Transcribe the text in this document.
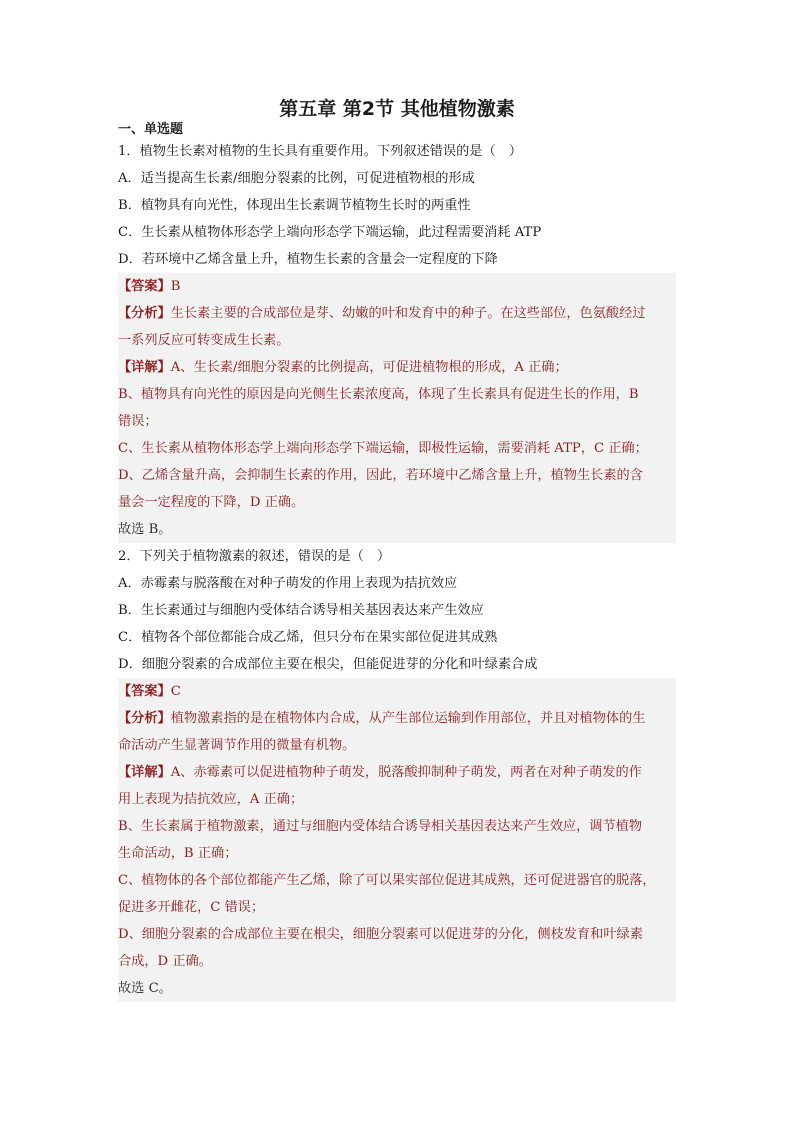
第五章 第2节 其他植物激素
一、单选题
1．植物生长素对植物的生长具有重要作用。下列叙述错误的是（　）
A．适当提高生长素/细胞分裂素的比例，可促进植物根的形成
B．植物具有向光性，体现出生长素调节植物生长时的两重性
C．生长素从植物体形态学上端向形态学下端运输，此过程需要消耗 ATP
D．若环境中乙烯含量上升，植物生长素的含量会一定程度的下降
【答案】B
【分析】生长素主要的合成部位是芽、幼嫩的叶和发育中的种子。在这些部位，色氨酸经过
一系列反应可转变成生长素。
【详解】A、生长素/细胞分裂素的比例提高，可促进植物根的形成，A 正确；
B、植物具有向光性的原因是向光侧生长素浓度高，体现了生长素具有促进生长的作用，B
错误；
C、生长素从植物体形态学上端向形态学下端运输，即极性运输，需要消耗 ATP，C 正确；
D、乙烯含量升高，会抑制生长素的作用，因此，若环境中乙烯含量上升，植物生长素的含
量会一定程度的下降，D 正确。
故选 B。
2．下列关于植物激素的叙述，错误的是（　）
A．赤霉素与脱落酸在对种子萌发的作用上表现为拮抗效应
B．生长素通过与细胞内受体结合诱导相关基因表达来产生效应
C．植物各个部位都能合成乙烯，但只分布在果实部位促进其成熟
D．细胞分裂素的合成部位主要在根尖，但能促进芽的分化和叶绿素合成
【答案】C
【分析】植物激素指的是在植物体内合成，从产生部位运输到作用部位，并且对植物体的生
命活动产生显著调节作用的微量有机物。
【详解】A、赤霉素可以促进植物种子萌发，脱落酸抑制种子萌发，两者在对种子萌发的作
用上表现为拮抗效应，A 正确；
B、生长素属于植物激素，通过与细胞内受体结合诱导相关基因表达来产生效应，调节植物
生命活动，B 正确；
C、植物体的各个部位都能产生乙烯，除了可以果实部位促进其成熟，还可促进器官的脱落，
促进多开雌花，C 错误；
D、细胞分裂素的合成部位主要在根尖，细胞分裂素可以促进芽的分化，侧枝发育和叶绿素
合成，D 正确。
故选 C。
